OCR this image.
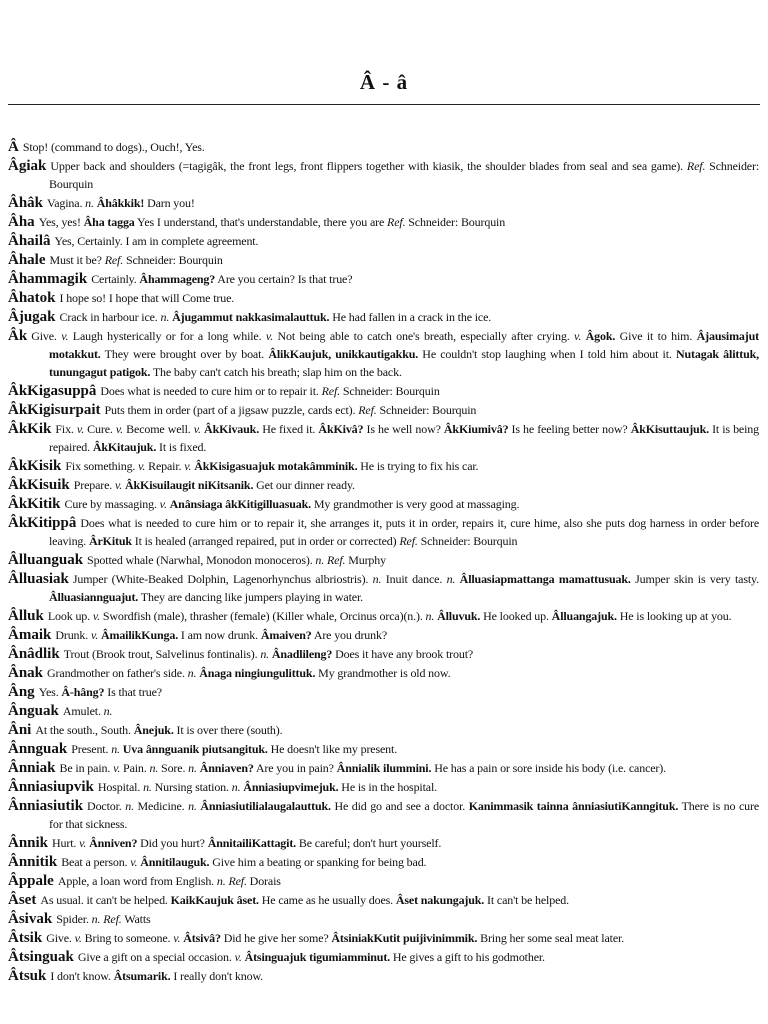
Â - â

Â Stop! (command to dogs)., Ouch!, Yes.

Âgiak Upper back and shoulders (=tagigâk, the front legs, front flippers together with kiasik, the shoulder blades from seal and sea game). Ref. Schneider: Bourquin

Âhâk Vagina. n. Âhâkkik! Darn you!

Âha Yes, yes! Âha tagga Yes I understand, that's understandable, there you are Ref. Schneider: Bourquin

Âhailâ Yes, Certainly. I am in complete agreement.

Âhale Must it be? Ref. Schneider: Bourquin

Âhammagik Certainly. Âhammageng? Are you certain? Is that true?

Âhatok I hope so! I hope that will Come true.

Âjugak Crack in harbour ice. n. Âjugammut nakkasimalauttuk. He had fallen in a crack in the ice.

Âk Give. v. Laugh hysterically or for a long while. v. Not being able to catch one's breath, especially after crying. v. Âgok. Give it to him. Âjausimajut motakkut. They were brought over by boat. ÂlikKaujuk, unikkautigakku. He couldn't stop laughing when I told him about it. Nutagak âlittuk, tunungagut patigok. The baby can't catch his breath; slap him on the back.

ÂkKigasuppâ Does what is needed to cure him or to repair it. Ref. Schneider: Bourquin

ÂkKigisurpait Puts them in order (part of a jigsaw puzzle, cards ect). Ref. Schneider: Bourquin

ÂkKik Fix. v. Cure. v. Become well. v. ÂkKivauk. He fixed it. ÂkKivâ? Is he well now? ÂkKiumivâ? Is he feeling better now? ÂkKisuttaujuk. It is being repaired. ÂkKitaujuk. It is fixed.

ÂkKisik Fix something. v. Repair. v. ÂkKisigasuajuk motakâmminik. He is trying to fix his car.

ÂkKisuik Prepare. v. ÂkKisuilaugit niKitsanik. Get our dinner ready.

ÂkKitik Cure by massaging. v. Anânsiaga âkKitigilluasuak. My grandmother is very good at massaging.

ÂkKitippâ Does what is needed to cure him or to repair it, she arranges it, puts it in order, repairs it, cure hime, also she puts dog harness in order before leaving. ÂrKituk It is healed (arranged repaired, put in order or corrected) Ref. Schneider: Bourquin

Âlluanguak Spotted whale (Narwhal, Monodon monoceros). n. Ref. Murphy

Âlluasiak Jumper (White-Beaked Dolphin, Lagenorhynchus albriostris). n. Inuit dance. n. Âlluasiapmattanga mamattusuak. Jumper skin is very tasty. Âlluasiannguajut. They are dancing like jumpers playing in water.

Âlluk Look up. v. Swordfish (male), thrasher (female) (Killer whale, Orcinus orca)(n.). n. Âlluvuk. He looked up. Âlluangajuk. He is looking up at you.

Âmaik Drunk. v. ÂmailikKunga. I am now drunk. Âmaiven? Are you drunk?

Ânâdlik Trout (Brook trout, Salvelinus fontinalis). n. Ânadlileng? Does it have any brook trout?

Ânak Grandmother on father's side. n. Ânaga ningiungulittuk. My grandmother is old now.

Âng Yes. Â-hâng? Is that true?

Ânguak Amulet. n.

Âni At the south., South. Ânejuk. It is over there (south).

Ânnguak Present. n. Uva ânnguanik piutsangituk. He doesn't like my present.

Ânniak Be in pain. v. Pain. n. Sore. n. Ânniaven? Are you in pain? Ânnialik ilummini. He has a pain or sore inside his body (i.e. cancer).

Ânniasiupvik Hospital. n. Nursing station. n. Ânniasiupvimejuk. He is in the hospital.

Ânniasiutik Doctor. n. Medicine. n. Ânniasiutilialaugalauttuk. He did go and see a doctor. Kanimmasik tainna ânniasiutiKanngituk. There is no cure for that sickness.

Ânnik Hurt. v. Ânniven? Did you hurt? ÂnnitailiKattagit. Be careful; don't hurt yourself.

Ânnitik Beat a person. v. Ânnitilauguk. Give him a beating or spanking for being bad.

Âppale Apple, a loan word from English. n. Ref. Dorais

Âset As usual. it can't be helped. KaikKaujuk âset. He came as he usually does. Âset nakungajuk. It can't be helped.

Âsivak Spider. n. Ref. Watts

Âtsik Give. v. Bring to someone. v. Âtsivâ? Did he give her some? ÂtsiniakKutit puijivinimmik. Bring her some seal meat later.

Âtsinguak Give a gift on a special occasion. v. Âtsinguajuk tigumiamminut. He gives a gift to his godmother.

Âtsuk I don't know. Âtsumarik. I really don't know.
